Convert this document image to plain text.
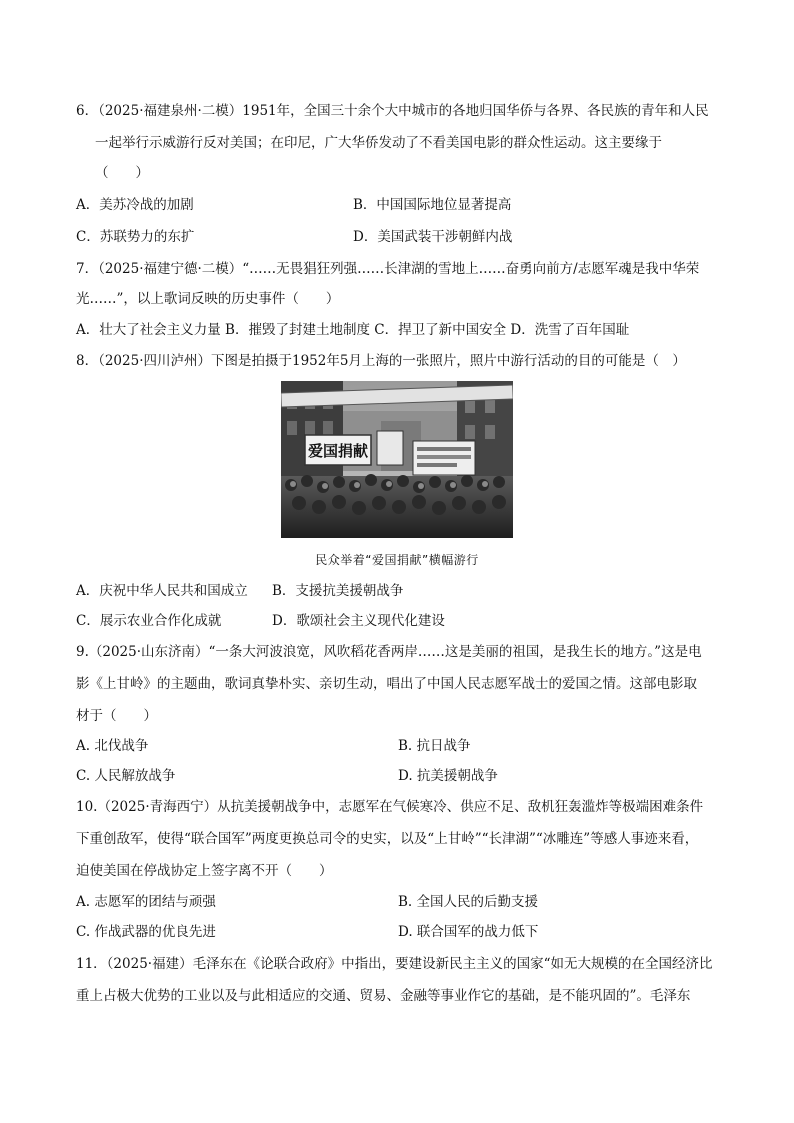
6．（2025·福建泉州·二模）1951年，全国三十余个大中城市的各地归国华侨与各界、各民族的青年和人民
一起举行示威游行反对美国；在印尼，广大华侨发动了不看美国电影的群众性运动。这主要缘于
（　　）
A．美苏冷战的加剧	B．中国国际地位显著提高
C．苏联势力的东扩	D．美国武装干涉朝鲜内战
7．（2025·福建宁德·二模）“……无畏猖狂列强……长津湖的雪地上……奋勇向前方/志愿军魂是我中华荣
光……”，以上歌词反映的历史事件（　　）
A．壮大了社会主义力量 B．摧毁了封建土地制度 C．捍卫了新中国安全 D．洗雪了百年国耻
8．（2025·四川泸州）下图是拍摄于1952年5月上海的一张照片，照片中游行活动的目的可能是（　）
爱国捐献
民众举着“爱国捐献”横幅游行
A．庆祝中华人民共和国成立 B．支援抗美援朝战争
C．展示农业合作化成就	D．歌颂社会主义现代化建设
9.（2025·山东济南）“一条大河波浪宽，风吹稻花香两岸……这是美丽的祖国，是我生长的地方。”这是电
影《上甘岭》的主题曲，歌词真挚朴实、亲切生动，唱出了中国人民志愿军战士的爱国之情。这部电影取
材于（　　）
A. 北伐战争	B. 抗日战争
C. 人民解放战争	D. 抗美援朝战争
10.（2025·青海西宁）从抗美援朝战争中，志愿军在气候寒冷、供应不足、敌机狂轰滥炸等极端困难条件
下重创敌军，使得“联合国军”两度更换总司令的史实，以及“上甘岭”“长津湖”“冰雕连”等感人事迹来看，
迫使美国在停战协定上签字离不开（　　）
A. 志愿军的团结与顽强	B. 全国人民的后勤支援
C. 作战武器的优良先进	D. 联合国军的战力低下
11．（2025·福建）毛泽东在《论联合政府》中指出，要建设新民主主义的国家“如无大规模的在全国经济比
重上占极大优势的工业以及与此相适应的交通、贸易、金融等事业作它的基础，是不能巩固的”。毛泽东
